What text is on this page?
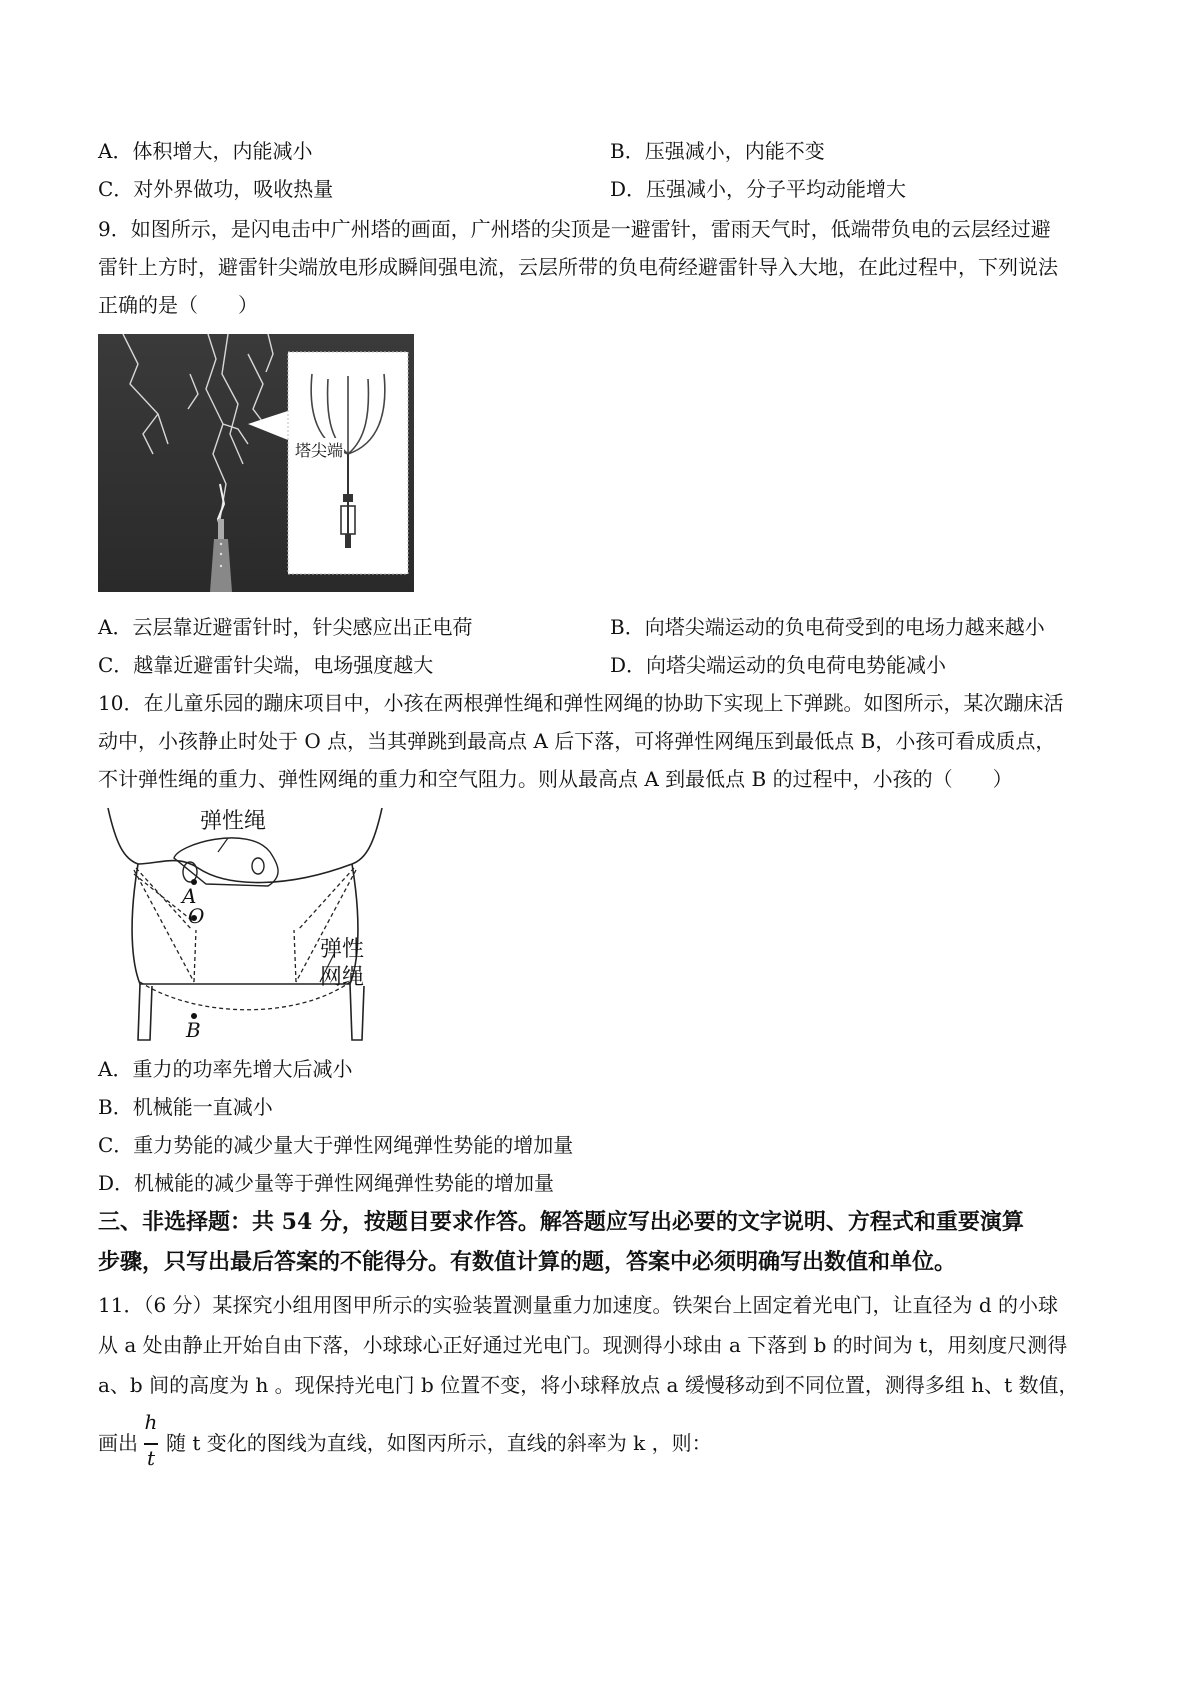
A．体积增大，内能减小	B．压强减小，内能不变
C．对外界做功，吸收热量	D．压强减小，分子平均动能增大
9．如图所示，是闪电击中广州塔的画面，广州塔的尖顶是一避雷针，雷雨天气时，低端带负电的云层经过避
雷针上方时，避雷针尖端放电形成瞬间强电流，云层所带的负电荷经避雷针导入大地，在此过程中，下列说法
正确的是（　　）
塔尖端
A．云层靠近避雷针时，针尖感应出正电荷	B．向塔尖端运动的负电荷受到的电场力越来越小
C．越靠近避雷针尖端，电场强度越大	D．向塔尖端运动的负电荷电势能减小
10．在儿童乐园的蹦床项目中，小孩在两根弹性绳和弹性网绳的协助下实现上下弹跳。如图所示，某次蹦床活
动中，小孩静止时处于 O 点，当其弹跳到最高点 A 后下落，可将弹性网绳压到最低点 B，小孩可看成质点，
不计弹性绳的重力、弹性网绳的重力和空气阻力。则从最高点 A 到最低点 B 的过程中，小孩的（　　）
弹性绳
弹性
网绳
A
O
B
A．重力的功率先增大后减小
B．机械能一直减小
C．重力势能的减少量大于弹性网绳弹性势能的增加量
D．机械能的减少量等于弹性网绳弹性势能的增加量
三、非选择题：共 54 分，按题目要求作答。解答题应写出必要的文字说明、方程式和重要演算
步骤，只写出最后答案的不能得分。有数值计算的题，答案中必须明确写出数值和单位。
11．（6 分）某探究小组用图甲所示的实验装置测量重力加速度。铁架台上固定着光电门，让直径为 d 的小球
从 a 处由静止开始自由下落，小球球心正好通过光电门。现测得小球由 a 下落到 b 的时间为 t，用刻度尺测得
a、b 间的高度为 h 。现保持光电门 b 位置不变，将小球释放点 a 缓慢移动到不同位置，测得多组 h、t 数值，
画出
h
t
随 t 变化的图线为直线，如图丙所示，直线的斜率为 k ，则：
